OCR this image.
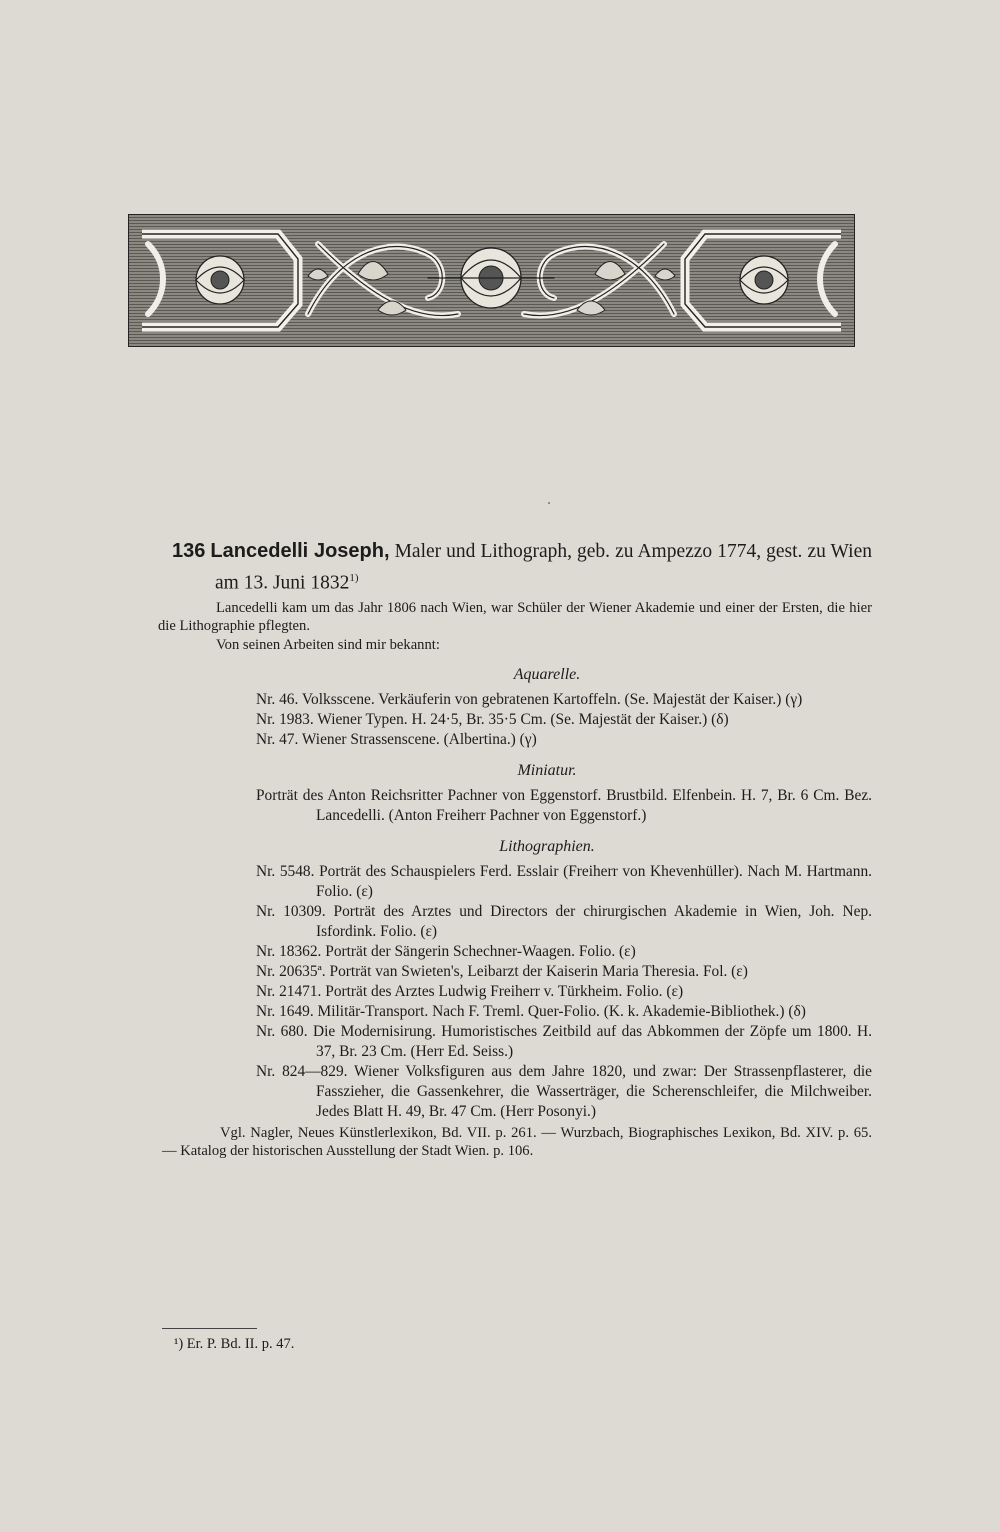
136 Lancedelli Joseph, Maler und Lithograph, geb. zu Ampezzo 1774, gest. zu Wien am 13. Juni 1832$^{1)}$
Lancedelli kam um das Jahr 1806 nach Wien, war Schüler der Wiener Akademie und einer der Ersten, die hier die Lithographie pflegten.
Von seinen Arbeiten sind mir bekannt:
Aquarelle.
Nr. 46. Volksscene. Verkäuferin von gebratenen Kartoffeln. (Se. Majestät der Kaiser.) (γ)
Nr. 1983. Wiener Typen. H. 24·5, Br. 35·5 Cm. (Se. Majestät der Kaiser.) (δ)
Nr. 47. Wiener Strassenscene. (Albertina.) (γ)
Miniatur.
Porträt des Anton Reichsritter Pachner von Eggenstorf. Brustbild. Elfenbein. H. 7, Br. 6 Cm. Bez. Lancedelli. (Anton Freiherr Pachner von Eggenstorf.)
Lithographien.
Nr. 5548. Porträt des Schauspielers Ferd. Esslair (Freiherr von Khevenhüller). Nach M. Hartmann. Folio. (ε)
Nr. 10309. Porträt des Arztes und Directors der chirurgischen Akademie in Wien, Joh. Nep. Isfordink. Folio. (ε)
Nr. 18362. Porträt der Sängerin Schechner-Waagen. Folio. (ε)
Nr. 20635ª. Porträt van Swieten's, Leibarzt der Kaiserin Maria Theresia. Fol. (ε)
Nr. 21471. Porträt des Arztes Ludwig Freiherr v. Türkheim. Folio. (ε)
Nr. 1649. Militär-Transport. Nach F. Treml. Quer-Folio. (K. k. Akademie-Bibliothek.) (δ)
Nr. 680. Die Modernisirung. Humoristisches Zeitbild auf das Abkommen der Zöpfe um 1800. H. 37, Br. 23 Cm. (Herr Ed. Seiss.)
Nr. 824—829. Wiener Volksfiguren aus dem Jahre 1820, und zwar: Der Strassenpflasterer, die Fasszieher, die Gassenkehrer, die Wasserträger, die Scherenschleifer, die Milchweiber. Jedes Blatt H. 49, Br. 47 Cm. (Herr Posonyi.)
Vgl. Nagler, Neues Künstlerlexikon, Bd. VII. p. 261. — Wurzbach, Biographisches Lexikon, Bd. XIV. p. 65. — Katalog der historischen Ausstellung der Stadt Wien. p. 106.
¹) Er. P. Bd. II. p. 47.
